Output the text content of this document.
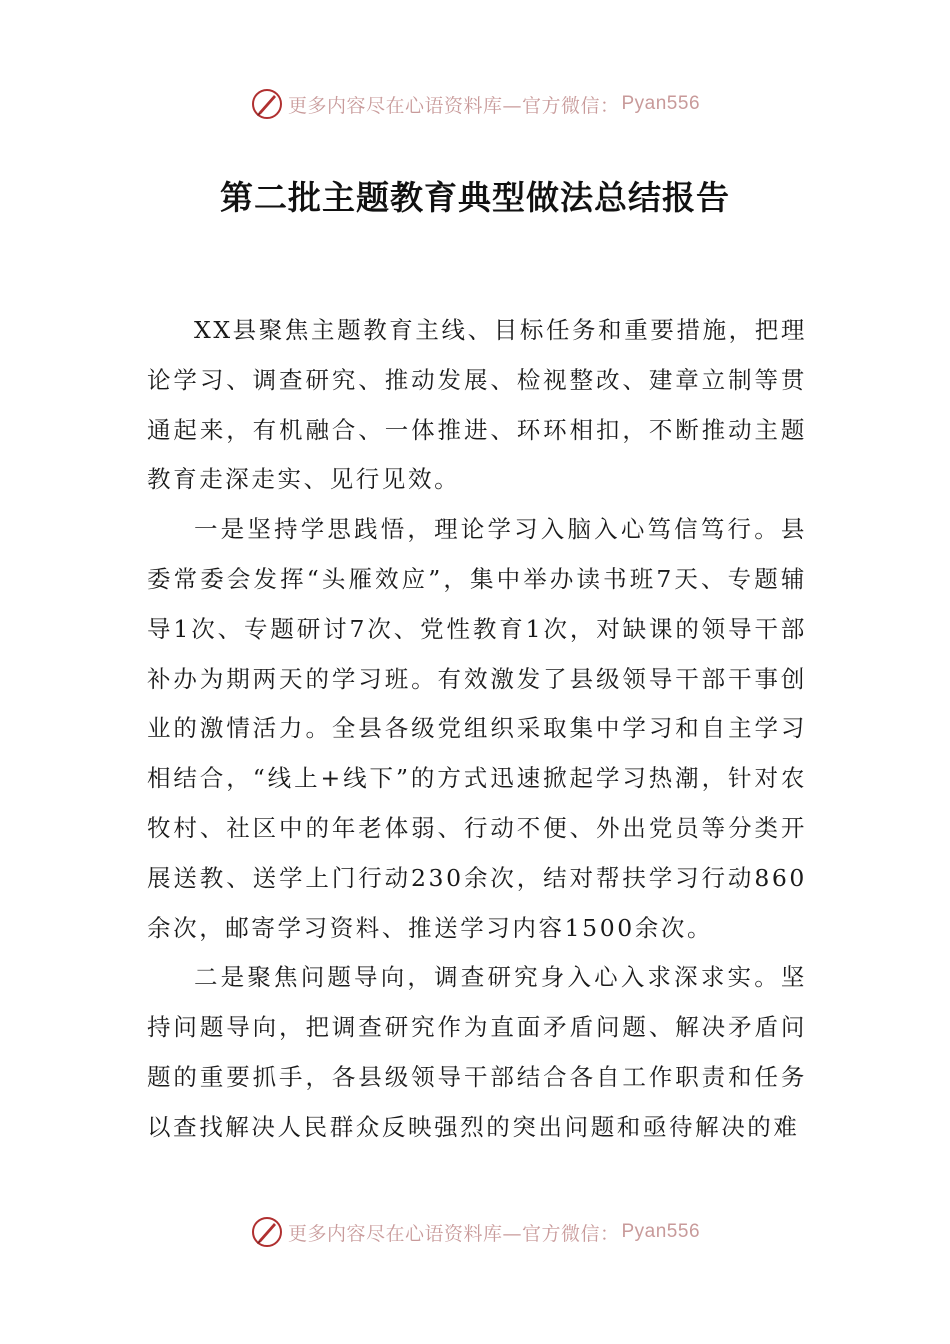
更多内容尽在心语资料库—官方微信： Pyan556
第二批主题教育典型做法总结报告

XX县聚焦主题教育主线、目标任务和重要措施，把理论学习、调查研究、推动发展、检视整改、建章立制等贯通起来，有机融合、一体推进、环环相扣，不断推动主题教育走深走实、见行见效。

一是坚持学思践悟，理论学习入脑入心笃信笃行。县委常委会发挥“头雁效应”，集中举办读书班7天、专题辅导1次、专题研讨7次、党性教育1次，对缺课的领导干部补办为期两天的学习班。有效激发了县级领导干部干事创业的激情活力。全县各级党组织采取集中学习和自主学习相结合，“线上+线下”的方式迅速掀起学习热潮，针对农牧村、社区中的年老体弱、行动不便、外出党员等分类开展送教、送学上门行动230余次，结对帮扶学习行动860余次，邮寄学习资料、推送学习内容1500余次。

二是聚焦问题导向，调查研究身入心入求深求实。坚持问题导向，把调查研究作为直面矛盾问题、解决矛盾问题的重要抓手，各县级领导干部结合各自工作职责和任务以查找解决人民群众反映强烈的突出问题和亟待解决的难

更多内容尽在心语资料库—官方微信： Pyan556
